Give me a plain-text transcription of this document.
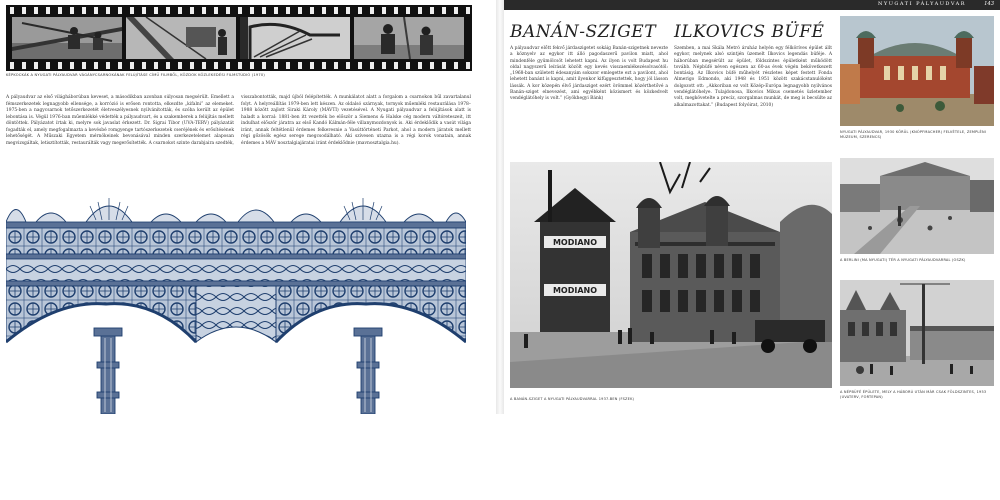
KÉPKOCKÁK A NYUGATI PÁLYAUDVAR VÁGÁNYCSARNOKÁNAK FELÚJÍTÁSE CÍMŰ FILMBŐL, KÖZDOK KÖZLEKEDÉSI FILMSTÚDIÓ (1970)

A pályaudvar az első világháborúban keveset, a másodikban azonban súlyosan megsérült. Emellett a fémszerkezetek legnagyobb ellensége, a korrózió is erősen rontotta, elkezdte „kifalni” az elemeket. 1975-ben a nagycsarnok tetőszerkezetét életveszélyesnek nyilvánították, és szóba került az épület lebontása is. Végül 1976-ban műemlékké védették a pályaudvart, és a szakemberek a felújítás mellett döntöttek. Pályázatot írtak ki, melyre sok javaslat érkezett. Dr. Sigrai Tibor (UVA-TERV) pályázatát fogadták el, amely megfogalmazta a kevésbé romgyenge tartószerkezetek cseréjének és erősítésének lehetőségét. A Műszaki Egyetem mérnökeinek bevonásával minden szerkezetelemet alaposan megvizsgáltak, letisztították, restaurálták vagy megerősítették. A csarnokot szinte darabjaira szedték,

visszabontották, majd újból felépítették. A munkálatot alatt a forgalom a csarnokon bűl zavartalanul folyt. A helyreállítás 1979-ben lett készen. Az oldalsó szárnyak, tornyok műemléki restaurálása 1978–1988 között zajlott Siraki Károly (MÁVTI) vezetésével. A Nyugati pályaudvar a felújítások alatt is haladt a korral: 1881-ben itt vezették be először a Siemens & Halske cég modern váltóreteszeit, itt indulhat először járatra az első Kandó Kálmán-féle villanymozdonyok is. Aki érdeklődik a vasút világa iránt, annak feltétlenül érdemes felkeresnie a Vasúttörténeti Parkot, ahol a modern járatok mellett régi gőzösök egész serege megcsodálható. Aki szívesen utazna is a régi korok vonatain, annak érdemes a MÁV nosztalgiajáratai iránt érdeklődnie (mavnosztalgia.hu).

NYUGATI PÁLYAUDVAR	143
BANÁN-SZIGET ILKOVICS BÜFÉ

A pályaudvar előtt fekvő járdaszigetet sokáig Banán-szigetnek nevezte a köznyelv az egykor itt álló pagodaszerű pavilon miatt, ahol mindenféle gyümölcsöt lehetett kapni. Az ilyen is volt Budapest hu oldal nagyszerű leírását közölt egy kevés visszaemlékezésolvasótól: „1968-ban született édesanyám sokszor emlegette ezt a pavilont, ahol lehetett banánt is kapni, amit ilyenkor kifüggesztettek, hogy jól lásson lássák. A kor közepén élvő járdasziget ezért örömmel közérthetővé a Banán-sziget elnevezést, ami egyébként közismert és közkedvelt vendéglátóhely is volt.” (Gyökhegyi Bánk)

Szemben, a mai Skála Metró áruház helyén egy félköríves épület állt egykor, melynek alsó szintjén üzemelt Ilkovics legendás büféje. A háborúban megsérült az épület, földszintes épületként működött tovább. Népbüfé néven egészen az 60-as évek végén bekövetkezett bontásig. Az Ilkovics büfé műhelyét részletes képet festett Fonda Almerigo Edmondo, aki 1948 és 1951 között szakácstanulóként dolgozott ott: „Akkoriban ez volt Közép-Európa legnagyobb nyilvános vendéglátóhelye. Tulajdonosa, Ilkovics Mikus csemetés üzletember volt, megkövetelte a precíz, szorgalmas munkát, de meg is becsülte az alkalmazottakat.” (Budapest folyóirat, 2010)

MODIANO
MODIANO
A BANÁN-SZIGET A NYUGATI PÁLYAUDVARRAL 1937-BEN (FSZEK)
NYUGATI PÁLYAUDVAR, 1930 KÖRÜL (KNÓPFMACHER) FELVÉTELE, ZEMPLÉNI MÚZEUM, SZERENCS)
A BERLINI (MA NYUGATI) TÉR A NYUGATI PÁLYAUDVARRAL (OSZK)
A NÉPBÜFÉ ÉPÜLETE, MELY A HÁBORÚ UTÁN MÁR CSAK FÖLDSZINTES, 1953 (UVATERV, FORTEPAN)
